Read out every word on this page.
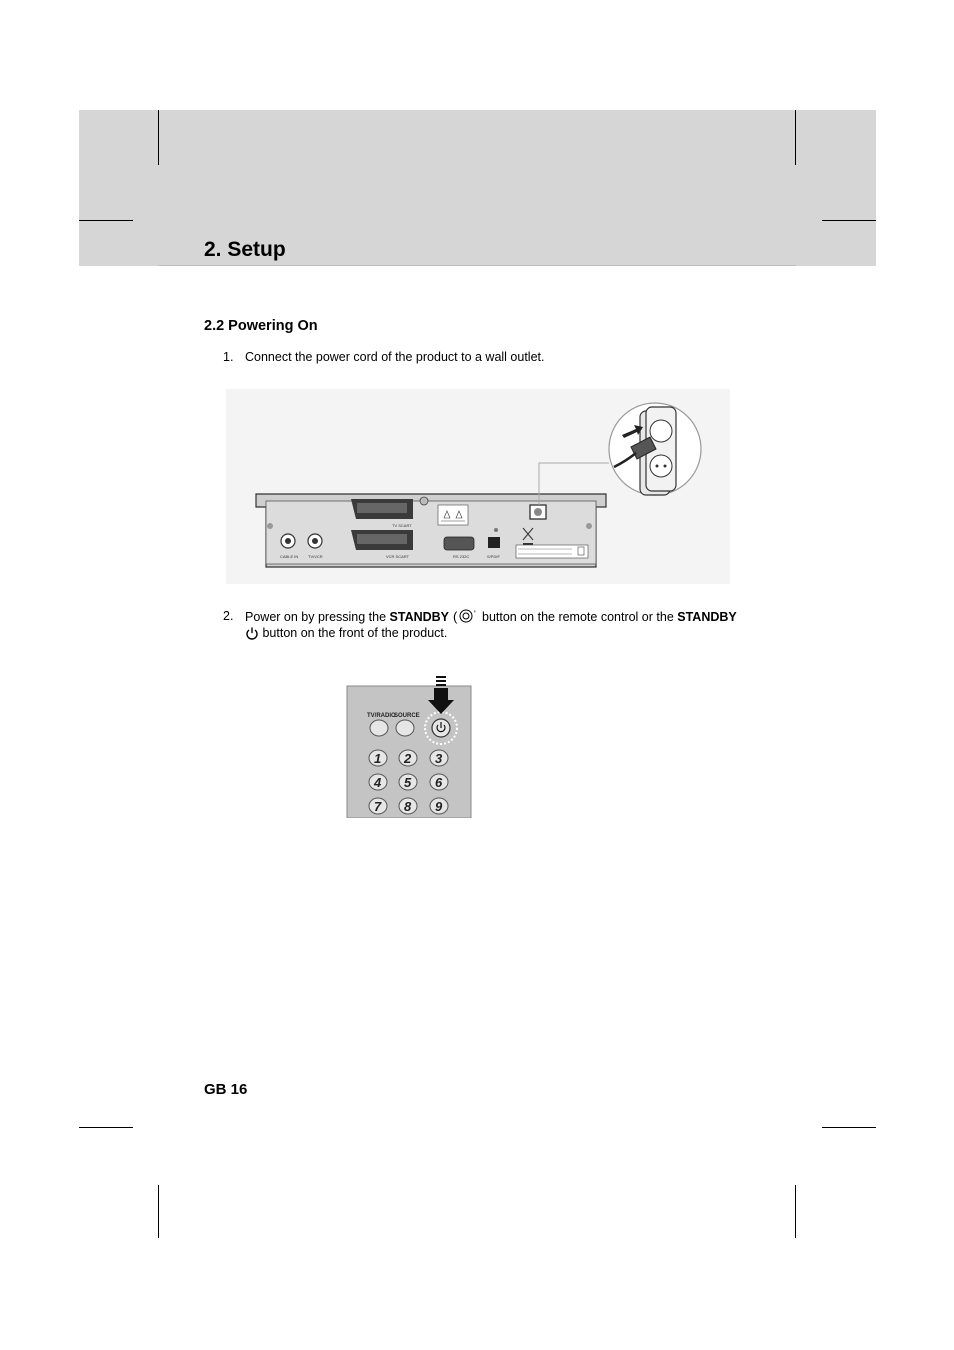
2. Setup
2.2 Powering On
1. Connect the power cord of the product to a wall outlet.
TV SCART
VCR SCART
CABLE IN TV/VCR	RS 232C	S/PDIF
2. Power on by pressing the STANDBY ( ' button on the remote control or the STANDBY
button on the front of the product.
TV/RADIO
SOURCE
1 2 3
4 5 6
7 8 9
GB 16
